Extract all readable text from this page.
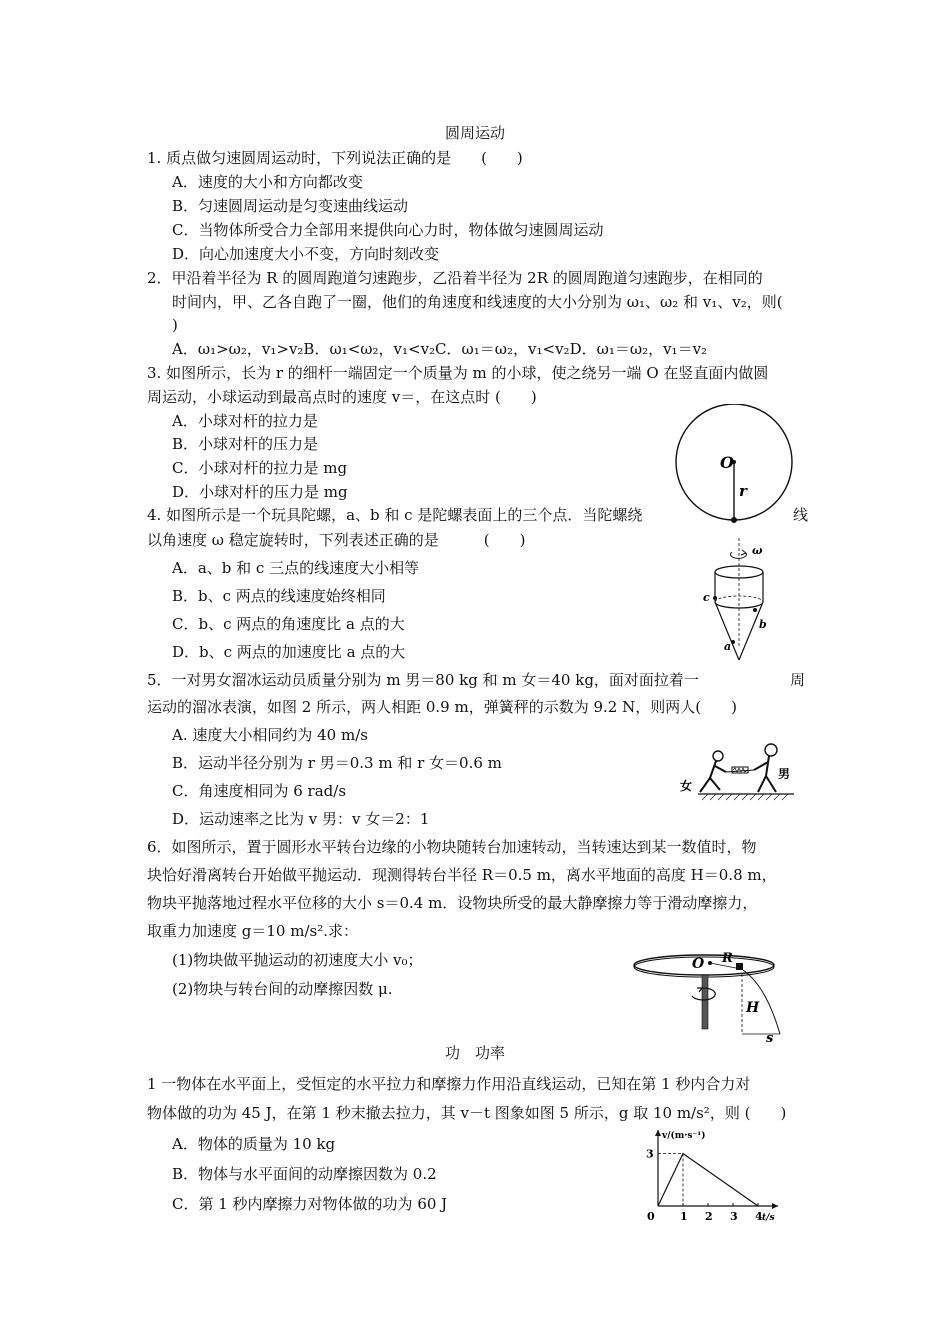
圆周运动
1. 质点做匀速圆周运动时，下列说法正确的是　　(　　)
A．速度的大小和方向都改变
B．匀速圆周运动是匀变速曲线运动
C．当物体所受合力全部用来提供向心力时，物体做匀速圆周运动
D．向心加速度大小不变，方向时刻改变
2．甲沿着半径为 R 的圆周跑道匀速跑步，乙沿着半径为 2R 的圆周跑道匀速跑步，在相同的
时间内，甲、乙各自跑了一圈，他们的角速度和线速度的大小分别为 ω₁、ω₂ 和 v₁、v₂，则(
)
A．ω₁>ω₂，v₁>v₂B．ω₁<ω₂，v₁<v₂C．ω₁＝ω₂，v₁<v₂D．ω₁＝ω₂，v₁＝v₂
3. 如图所示，长为 r 的细杆一端固定一个质量为 m 的小球，使之绕另一端 O 在竖直面内做圆
周运动，小球运动到最高点时的速度 v＝，在这点时 (　　)
A．小球对杆的拉力是
B．小球对杆的压力是
C．小球对杆的拉力是 mg
D．小球对杆的压力是 mg
4. 如图所示是一个玩具陀螺，a、b 和 c 是陀螺表面上的三个点．当陀螺绕	线
以角速度 ω 稳定旋转时，下列表述正确的是　　　(　　)
A．a、b 和 c 三点的线速度大小相等
B．b、c 两点的线速度始终相同
C．b、c 两点的角速度比 a 点的大
D．b、c 两点的加速度比 a 点的大
5．一对男女溜冰运动员质量分别为 m 男＝80 kg 和 m 女＝40 kg，面对面拉着一	周
运动的溜冰表演，如图 2 所示，两人相距 0.9 m，弹簧秤的示数为 9.2 N，则两人(　　)
A. 速度大小相同约为 40 m/s
B．运动半径分别为 r 男＝0.3 m 和 r 女＝0.6 m
C．角速度相同为 6 rad/s
D．运动速率之比为 v 男：v 女＝2：1
6．如图所示，置于圆形水平转台边缘的小物块随转台加速转动，当转速达到某一数值时，物
块恰好滑离转台开始做平抛运动．现测得转台半径 R＝0.5 m，离水平地面的高度 H＝0.8 m，
物块平抛落地过程水平位移的大小 s＝0.4 m．设物块所受的最大静摩擦力等于滑动摩擦力，
取重力加速度 g＝10 m/s².求：
(1)物块做平抛运动的初速度大小 v₀；
(2)物块与转台间的动摩擦因数 μ.
功　功率
1 一物体在水平面上，受恒定的水平拉力和摩擦力作用沿直线运动，已知在第 1 秒内合力对
物体做的功为 45 J，在第 1 秒末撤去拉力，其 v－t 图象如图 5 所示，g 取 10 m/s²，则 (　　)
A．物体的质量为 10 kg
B．物体与水平面间的动摩擦因数为 0.2
C．第 1 秒内摩擦力对物体做的功为 60 J
O
r
ω
c
b
a
女
男
O R
H
s
v/(m·s⁻¹)
t/s
0 1 2 3 4
3
